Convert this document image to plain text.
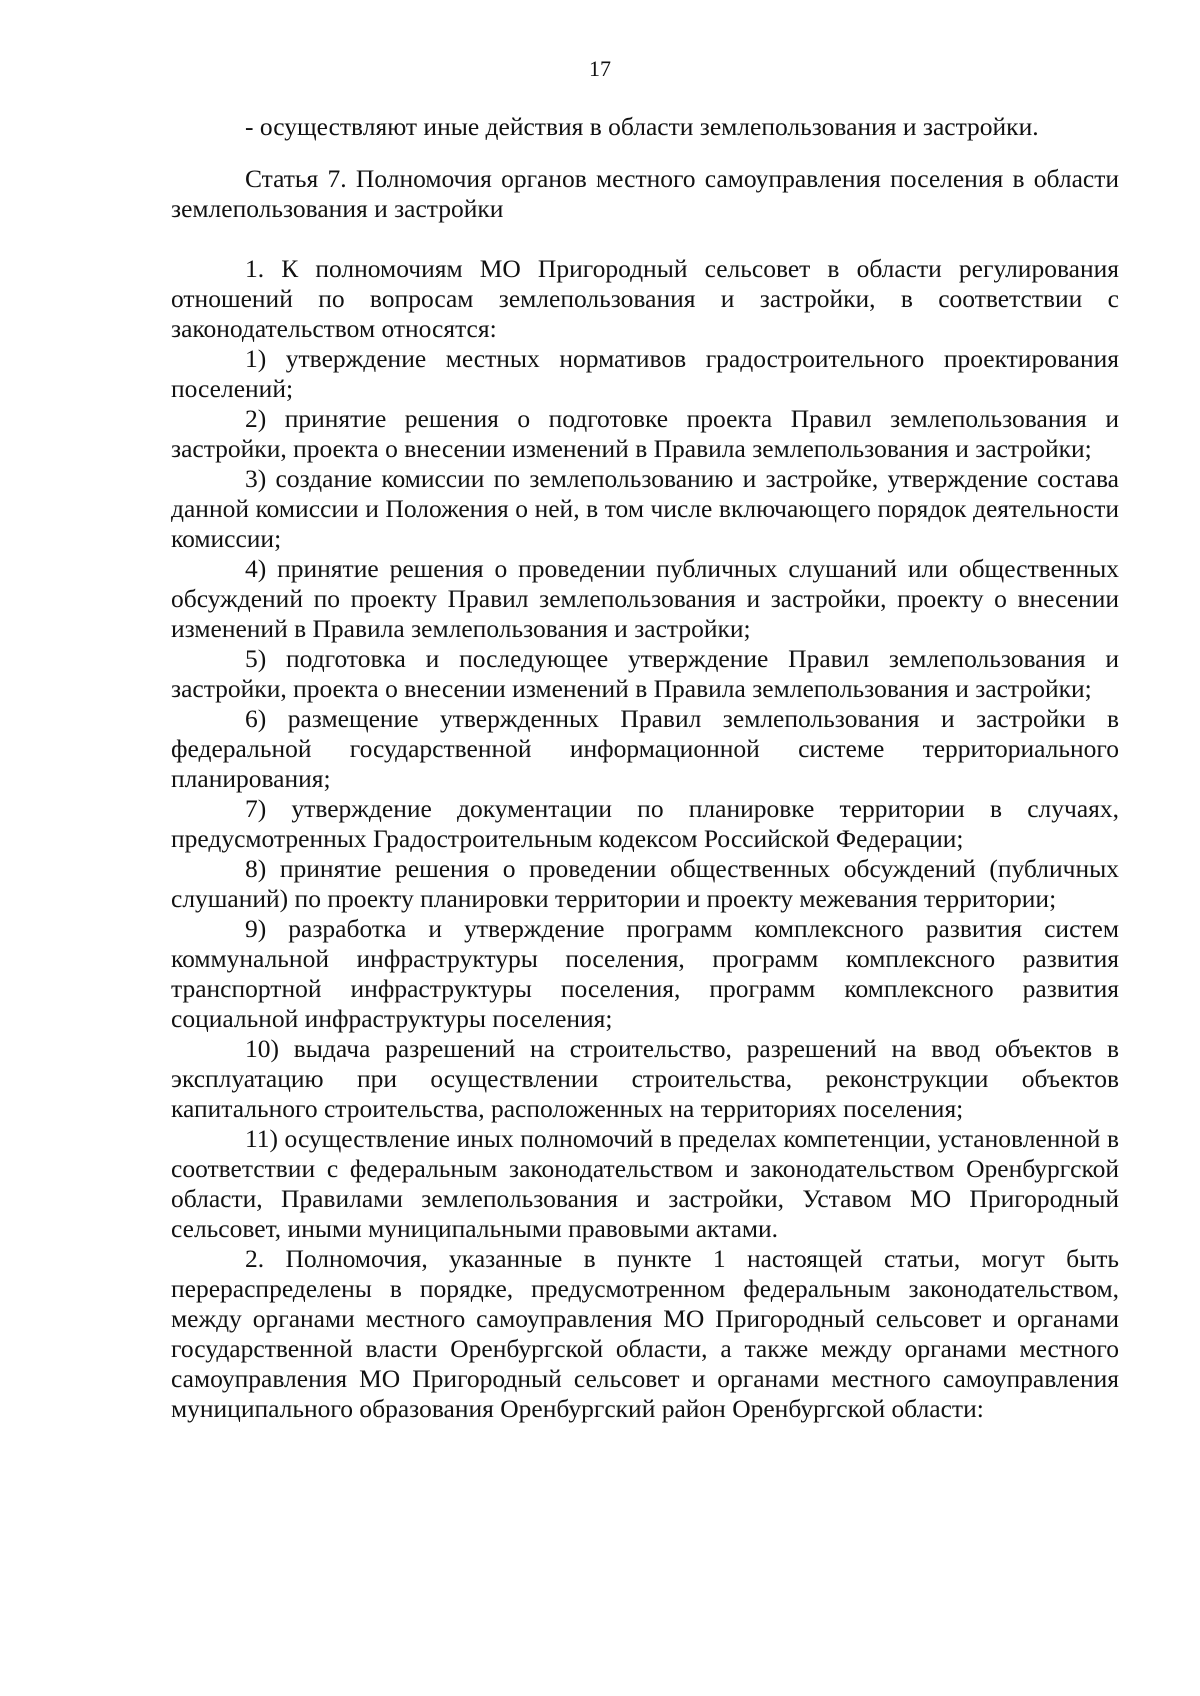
17

- осуществляют иные действия в области землепользования и застройки.

Статья 7. Полномочия органов местного самоуправления поселения в области землепользования и застройки

1. К полномочиям МО Пригородный сельсовет в области регулирования отношений по вопросам землепользования и застройки, в соответствии с законодательством относятся:

1) утверждение местных нормативов градостроительного проектирования поселений;

2) принятие решения о подготовке проекта Правил землепользования и застройки, проекта о внесении изменений в Правила землепользования и застройки;

3) создание комиссии по землепользованию и застройке, утверждение состава данной комиссии и Положения о ней, в том числе включающего порядок деятельности комиссии;

4) принятие решения о проведении публичных слушаний или общественных обсуждений по проекту Правил землепользования и застройки, проекту о внесении изменений в Правила землепользования и застройки;

5) подготовка и последующее утверждение Правил землепользования и застройки, проекта о внесении изменений в Правила землепользования и застройки;

6) размещение утвержденных Правил землепользования и застройки в федеральной государственной информационной системе территориального планирования;

7) утверждение документации по планировке территории в случаях, предусмотренных Градостроительным кодексом Российской Федерации;

8) принятие решения о проведении общественных обсуждений (публичных слушаний) по проекту планировки территории и проекту межевания территории;

9) разработка и утверждение программ комплексного развития систем коммунальной инфраструктуры поселения, программ комплексного развития транспортной инфраструктуры поселения, программ комплексного развития социальной инфраструктуры поселения;

10) выдача разрешений на строительство, разрешений на ввод объектов в эксплуатацию при осуществлении строительства, реконструкции объектов капитального строительства, расположенных на территориях поселения;

11) осуществление иных полномочий в пределах компетенции, установленной в соответствии с федеральным законодательством и законодательством Оренбургской области, Правилами землепользования и застройки, Уставом МО Пригородный сельсовет, иными муниципальными правовыми актами.

2. Полномочия, указанные в пункте 1 настоящей статьи, могут быть перераспределены в порядке, предусмотренном федеральным законодательством, между органами местного самоуправления МО Пригородный сельсовет и органами государственной власти Оренбургской области, а также между органами местного самоуправления МО Пригородный сельсовет и органами местного самоуправления муниципального образования Оренбургский район Оренбургской области:
